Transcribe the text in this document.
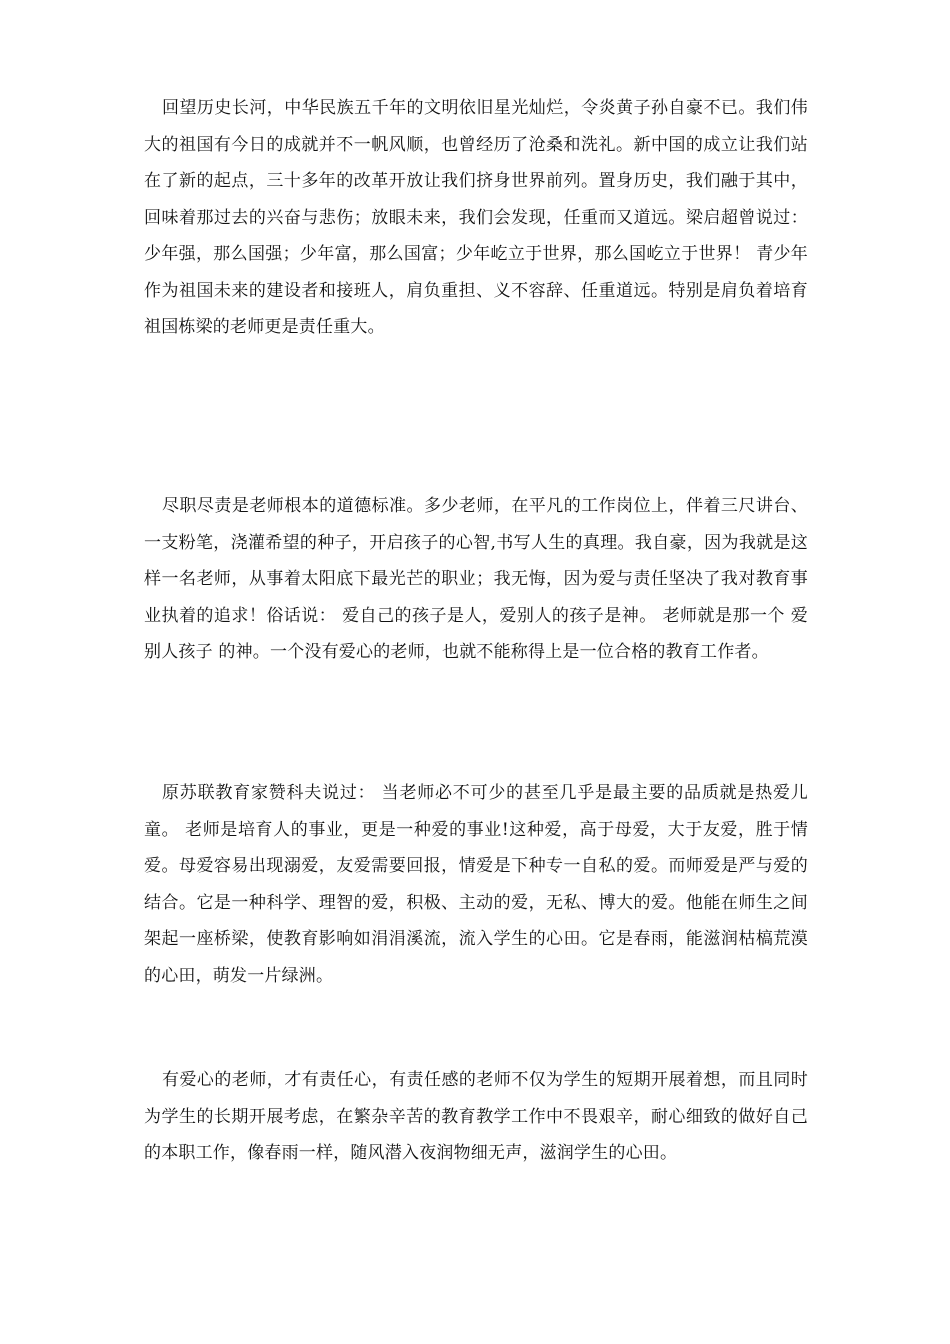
回望历史长河，中华民族五千年的文明依旧星光灿烂，令炎黄子孙自豪不已。我们伟大的祖国有今日的成就并不一帆风顺，也曾经历了沧桑和洗礼。新中国的成立让我们站在了新的起点，三十多年的改革开放让我们挤身世界前列。置身历史，我们融于其中，回味着那过去的兴奋与悲伤；放眼未来，我们会发现，任重而又道远。梁启超曾说过： 少年强，那么国强；少年富，那么国富；少年屹立于世界，那么国屹立于世界！ 青少年作为祖国未来的建设者和接班人，肩负重担、义不容辞、任重道远。特别是肩负着培育祖国栋梁的老师更是责任重大。

尽职尽责是老师根本的道德标准。多少老师，在平凡的工作岗位上，伴着三尺讲台、一支粉笔，浇灌希望的种子，开启孩子的心智,书写人生的真理。我自豪，因为我就是这样一名老师，从事着太阳底下最光芒的职业；我无悔，因为爱与责任坚决了我对教育事业执着的追求！俗话说： 爱自己的孩子是人，爱别人的孩子是神。 老师就是那一个 爱别人孩子 的神。一个没有爱心的老师，也就不能称得上是一位合格的教育工作者。

原苏联教育家赞科夫说过： 当老师必不可少的甚至几乎是最主要的品质就是热爱儿童。 老师是培育人的事业，更是一种爱的事业!这种爱，高于母爱，大于友爱，胜于情爱。母爱容易出现溺爱，友爱需要回报，情爱是下种专一自私的爱。而师爱是严与爱的结合。它是一种科学、理智的爱，积极、主动的爱，无私、博大的爱。他能在师生之间架起一座桥梁，使教育影响如涓涓溪流，流入学生的心田。它是春雨，能滋润枯槁荒漠的心田，萌发一片绿洲。

有爱心的老师，才有责任心，有责任感的老师不仅为学生的短期开展着想，而且同时为学生的长期开展考虑，在繁杂辛苦的教育教学工作中不畏艰辛，耐心细致的做好自己的本职工作，像春雨一样，随风潜入夜润物细无声，滋润学生的心田。
